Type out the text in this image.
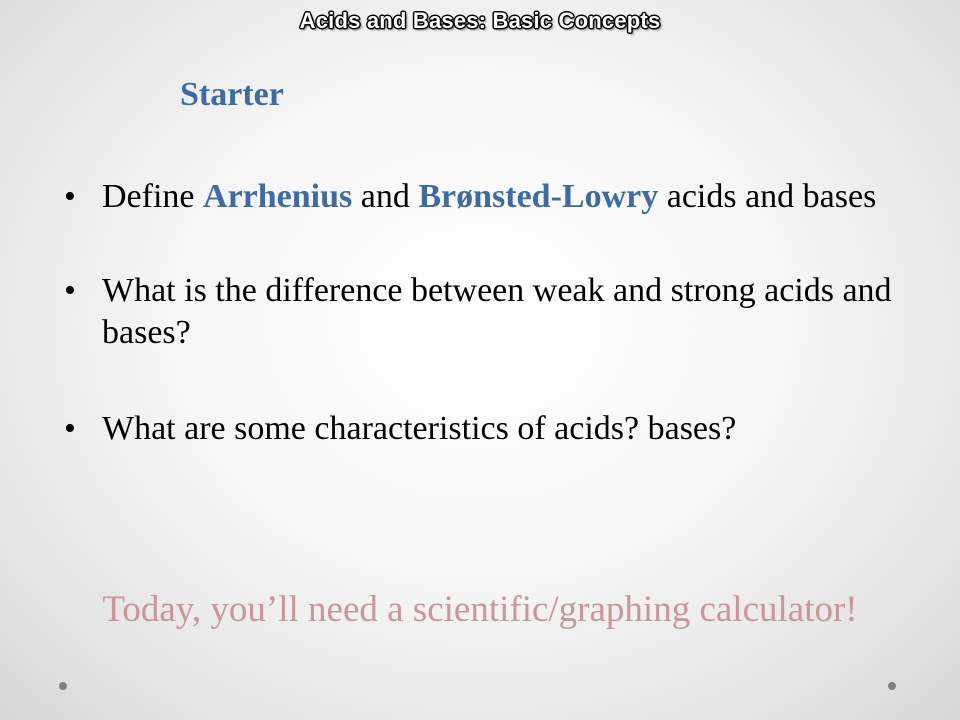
Acids and Bases: Basic Concepts
Starter
• Define Arrhenius and Brønsted-Lowry acids and bases
• What is the difference between weak and strong acids and bases?
• What are some characteristics of acids? bases?
Today, you’ll need a scientific/graphing calculator!
